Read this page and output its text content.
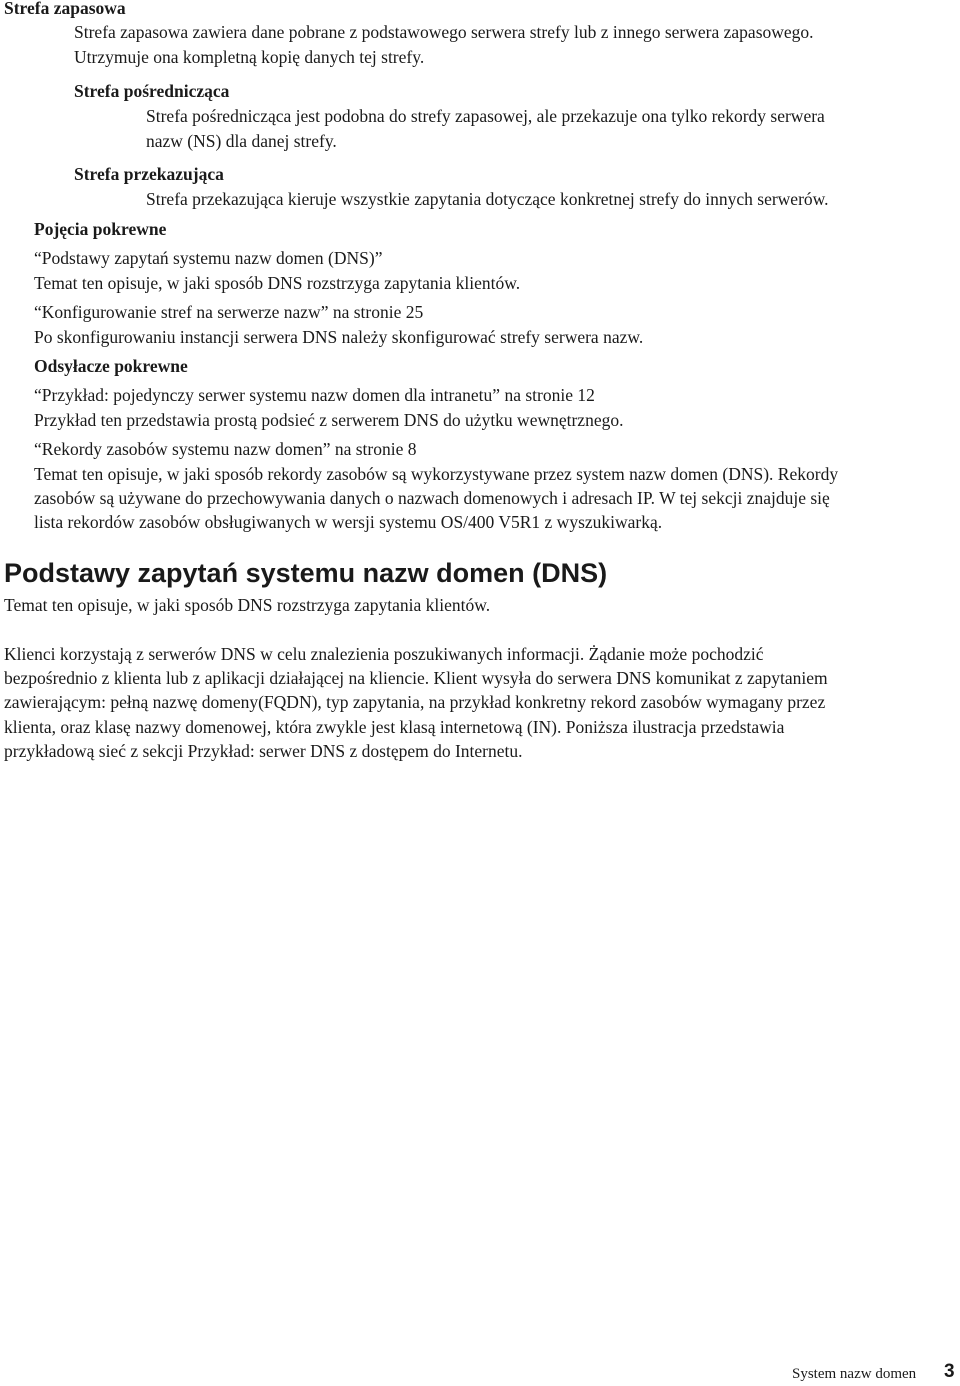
Strefa zapasowa
Strefa zapasowa zawiera dane pobrane z podstawowego serwera strefy lub z innego serwera zapasowego.
Utrzymuje ona kompletną kopię danych tej strefy.
Strefa pośrednicząca
Strefa pośrednicząca jest podobna do strefy zapasowej, ale przekazuje ona tylko rekordy serwera
nazw (NS) dla danej strefy.
Strefa przekazująca
Strefa przekazująca kieruje wszystkie zapytania dotyczące konkretnej strefy do innych serwerów.
Pojęcia pokrewne
“ Podstawy zapytań systemu nazw domen (DNS) ”
Temat ten opisuje, w jaki sposób DNS rozstrzyga zapytania klientów.
“ Konfigurowanie stref na serwerze nazw ” na stronie 25
Po skonfigurowaniu instancji serwera DNS należy skonfigurować strefy serwera nazw.
Odsyłacze pokrewne
“ Przykład: pojedynczy serwer systemu nazw domen dla intranetu ” na stronie 12
Przykład ten przedstawia prostą podsieć z serwerem DNS do użytku wewnętrznego.
“ Rekordy zasobów systemu nazw domen ” na stronie 8
Temat ten opisuje, w jaki sposób rekordy zasobów są wykorzystywane przez system nazw domen (DNS). Rekordy
zasobów są używane do przechowywania danych o nazwach domenowych i adresach IP. W tej sekcji znajduje się
lista rekordów zasobów obsługiwanych w wersji systemu OS/400 V5R1 z wyszukiwarką.
Podstawy zapytań systemu nazw domen (DNS)
Temat ten opisuje, w jaki sposób DNS rozstrzyga zapytania klientów.
Klienci korzystają z serwerów DNS w celu znalezienia poszukiwanych informacji. Żądanie może pochodzić
bezpośrednio z klienta lub z aplikacji działającej na kliencie. Klient wysyła do serwera DNS komunikat z zapytaniem
zawierającym: pełną nazwę domeny(FQDN), typ zapytania, na przykład konkretny rekord zasobów wymagany przez
klienta, oraz klasę nazwy domenowej, która zwykle jest klasą internetową (IN). Poniższa ilustracja przedstawia
przykładową sieć z sekcji Przykład: serwer DNS z dostępem do Internetu.
System nazw domen 3
